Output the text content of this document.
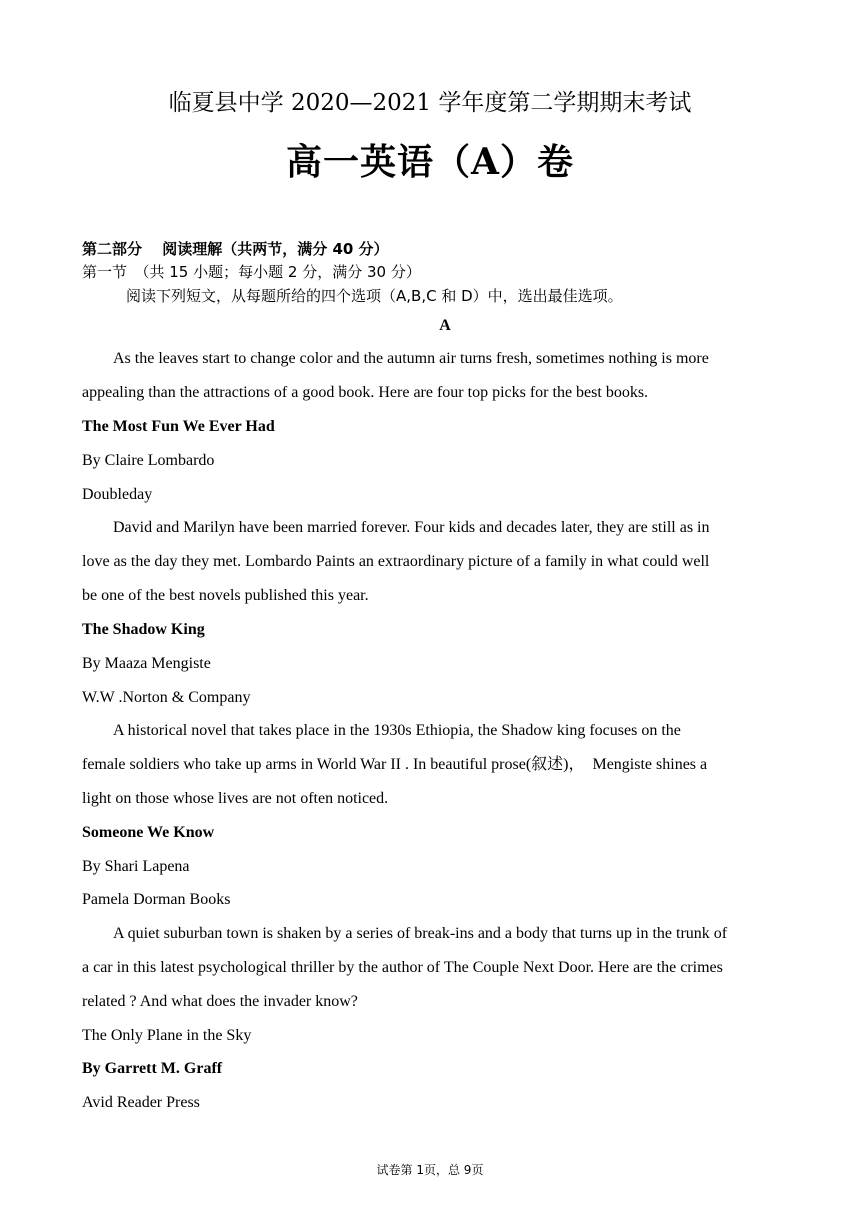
临夏县中学 2020—2021 学年度第二学期期末考试
高一英语（A）卷
第二部分　 阅读理解（共两节，满分 40 分）
第一节　（共 15 小题；每小题 2 分，满分 30 分）
阅读下列短文，从每题所给的四个选项（A,B,C 和 D）中，选出最佳选项。
A
As the leaves start to change color and the autumn air turns fresh, sometimes nothing is more
appealing than the attractions of a good book. Here are four top picks for the best books.
The Most Fun We Ever Had
By Claire Lombardo
Doubleday
David and Marilyn have been married forever. Four kids and decades later, they are still as in
love as the day they met. Lombardo Paints an extraordinary picture of a family in what could well
be one of the best novels published this year.
The Shadow King
By Maaza Mengiste
W.W .Norton & Company
A historical novel that takes place in the 1930s Ethiopia, the Shadow king focuses on the
female soldiers who take up arms in World War II . In beautiful prose(叙述)，　Mengiste shines a
light on those whose lives are not often noticed.
Someone We Know
By Shari Lapena
Pamela Dorman Books
A quiet suburban town is shaken by a series of break-ins and a body that turns up in the trunk of
a car in this latest psychological thriller by the author of The Couple Next Door. Here are the crimes
related ? And what does the invader know?
The Only Plane in the Sky
By Garrett M. Graff
Avid Reader Press
试卷第 1页，总 9页
